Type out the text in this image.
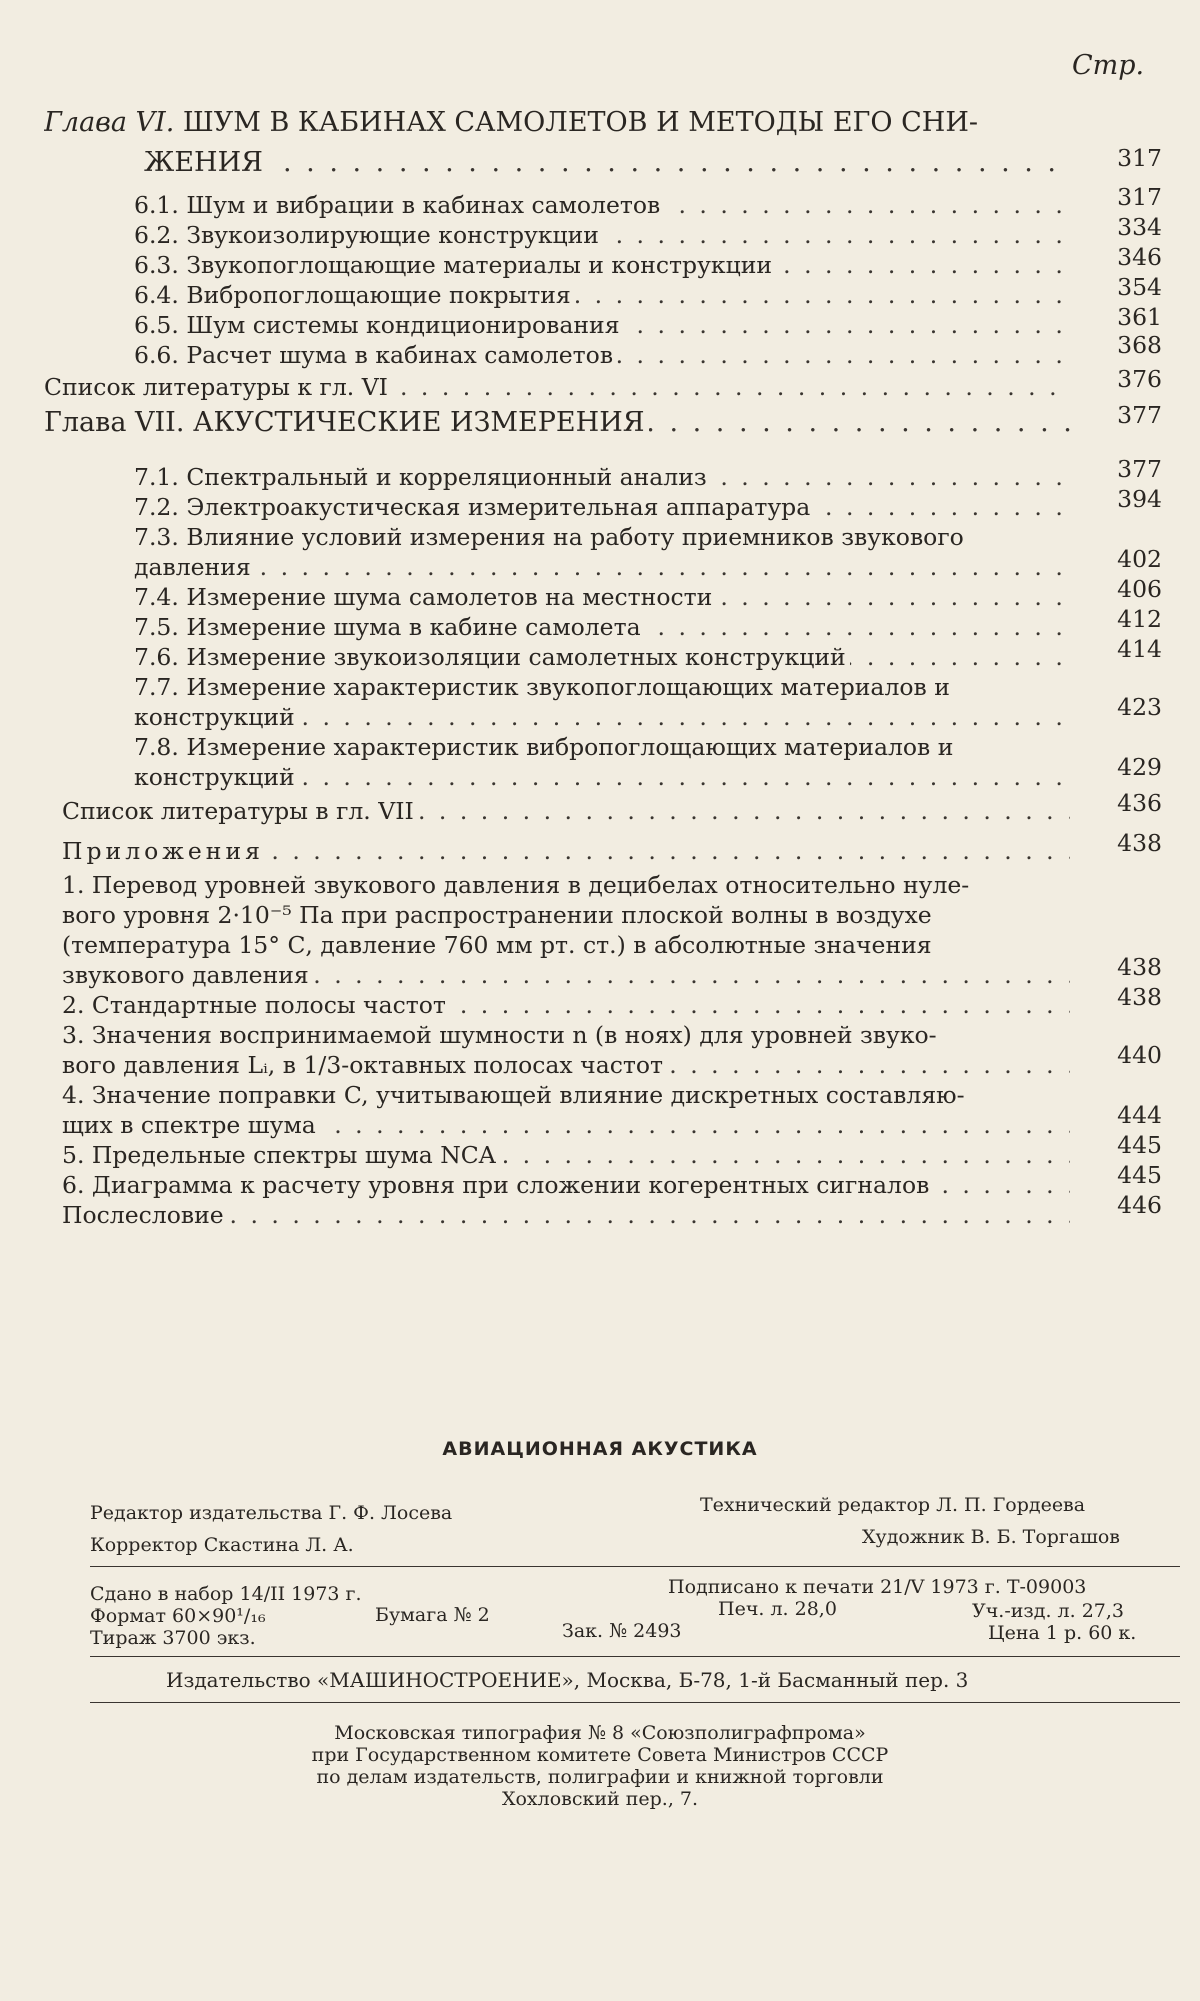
Стр.
Глава VI. ШУМ В КАБИНАХ САМОЛЕТОВ И МЕТОДЫ ЕГО СНИ-
ЖЕНИЯ . . .	317
6.1. Шум и вибрации в кабинах самолетов . . .	317
6.2. Звукоизолирующие конструкции . . .	334
6.3. Звукопоглощающие материалы и конструкции . . .	346
6.4. Вибропоглощающие покрытия . . .	354
6.5. Шум системы кондиционирования . . .	361
6.6. Расчет шума в кабинах самолетов . . .	368
Список литературы к гл. VI . . .	376
Глава VII. АКУСТИЧЕСКИЕ ИЗМЕРЕНИЯ . . .	377
7.1. Спектральный и корреляционный анализ . . .	377
7.2. Электроакустическая измерительная аппаратура . . .	394
7.3. Влияние условий измерения на работу приемников звукового
давления . . .	402
7.4. Измерение шума самолетов на местности . . .	406
7.5. Измерение шума в кабине самолета . . .	412
7.6. Измерение звукоизоляции самолетных конструкций . . .	414
7.7. Измерение характеристик звукопоглощающих материалов и
конструкций . . .	423
7.8. Измерение характеристик вибропоглощающих материалов и
конструкций . . .	429
Список литературы в гл. VII . . .	436
Приложения . . .	438
1. Перевод уровней звукового давления в децибелах относительно нуле-
вого уровня 2·10⁻⁵ Па при распространении плоской волны в воздухе
(температура 15° С, давление 760 мм рт. ст.) в абсолютные значения
звукового давления . . .	438
2. Стандартные полосы частот . . .	438
3. Значения воспринимаемой шумности n (в ноях) для уровней звуко-
вого давления Lᵢ, в 1/3-октавных полосах частот . . .	440
4. Значение поправки C, учитывающей влияние дискретных составляю-
щих в спектре шума . . .	444
5. Предельные спектры шума NCA . . .	445
6. Диаграмма к расчету уровня при сложении когерентных сигналов . . .	445
Послесловие . . .	446
АВИАЦИОННАЯ АКУСТИКА
Редактор издательства Г. Ф. Лосева
Корректор Скастина Л. А.
Технический редактор Л. П. Гордеева
Художник В. Б. Торгашов
Сдано в набор 14/II 1973 г.
Формат 60×90¹/₁₆
Тираж 3700 экз.
Бумага № 2
Подписано к печати 21/V 1973 г. Т-09003
Печ. л. 28,0
Зак. № 2493
Уч.-изд. л. 27,3
Цена 1 р. 60 к.
Издательство «МАШИНОСТРОЕНИЕ», Москва, Б-78, 1-й Басманный пер. 3
Московская типография № 8 «Союзполиграфпрома»
при Государственном комитете Совета Министров СССР
по делам издательств, полиграфии и книжной торговли
Хохловский пер., 7.
